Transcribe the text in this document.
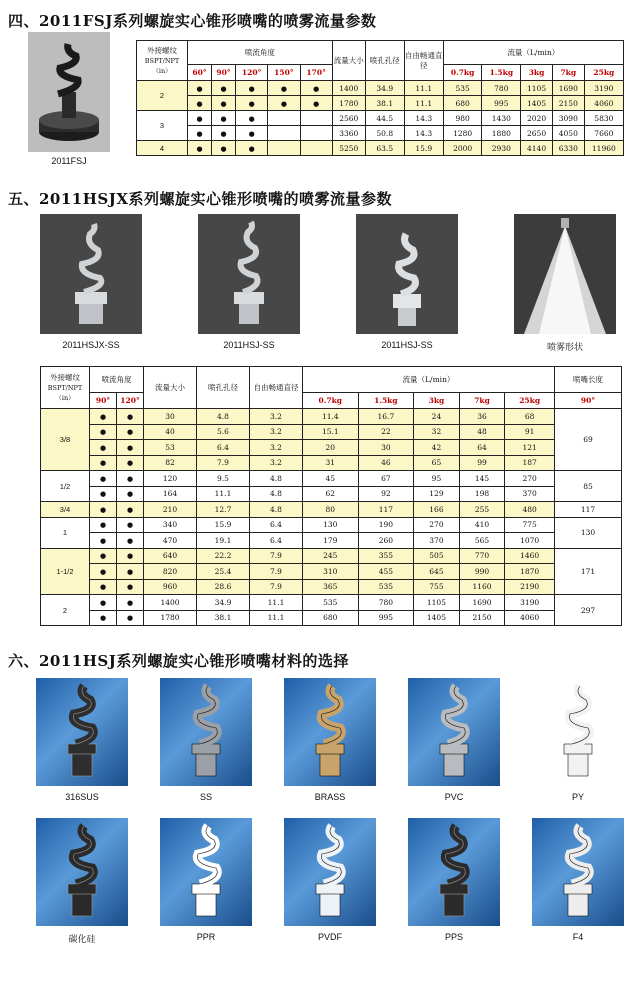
四、2011FSJ系列螺旋实心锥形喷嘴的喷雾流量参数
2011FSJ
外接螺纹
BSPT/NPT
（in）	喷流角度					流量大小	喷孔孔径	自由畅通直径	流量（L/min）				
	60°	90°	120°	150°	170°				0.7kg	1.5kg	3kg	7kg	25kg
2	●	●	●	●	●	1400	34.9	11.1	535	780	1105	1690	3190
●	●	●	●	●	1780	38.1	11.1	680	995	1405	2150	4060
3	●	●	●			2560	44.5	14.3	980	1430	2020	3090	5830
●	●	●			3360	50.8	14.3	1280	1880	2650	4050	7660
4	●	●	●			5250	63.5	15.9	2000	2930	4140	6330	11960
五、2011HSJX系列螺旋实心锥形喷嘴的喷雾流量参数
2011HSJX-SS	2011HSJ-SS	2011HSJ-SS	喷雾形状
外接螺纹
BSPT/NPT
（in）	喷流角度		流量大小	喷孔孔径	自由畅通直径	流量（L/min）					喷嘴长度
	90°	120°				0.7kg	1.5kg	3kg	7kg	25kg	90°
3/8	●	●	30	4.8	3.2	11.4	16.7	24	36	68	69
●	●	40	5.6	3.2	15.1	22	32	48	91	
●	●	53	6.4	3.2	20	30	42	64	121	
●	●	82	7.9	3.2	31	46	65	99	187	
1/2	●	●	120	9.5	4.8	45	67	95	145	270	85
●	●	164	11.1	4.8	62	92	129	198	370	
3/4	●	●	210	12.7	4.8	80	117	166	255	480	117
1	●	●	340	15.9	6.4	130	190	270	410	775	130
●	●	470	19.1	6.4	179	260	370	565	1070	
1-1/2	●	●	640	22.2	7.9	245	355	505	770	1460	171
●	●	820	25.4	7.9	310	455	645	990	1870	
●	●	960	28.6	7.9	365	535	755	1160	2190	
2	●	●	1400	34.9	11.1	535	780	1105	1690	3190	297
●	●	1780	38.1	11.1	680	995	1405	2150	4060	
六、2011HSJ系列螺旋实心锥形喷嘴材料的选择
316SUS	SS	BRASS	PVC	PY
碳化硅	PPR	PVDF	PPS	F4
